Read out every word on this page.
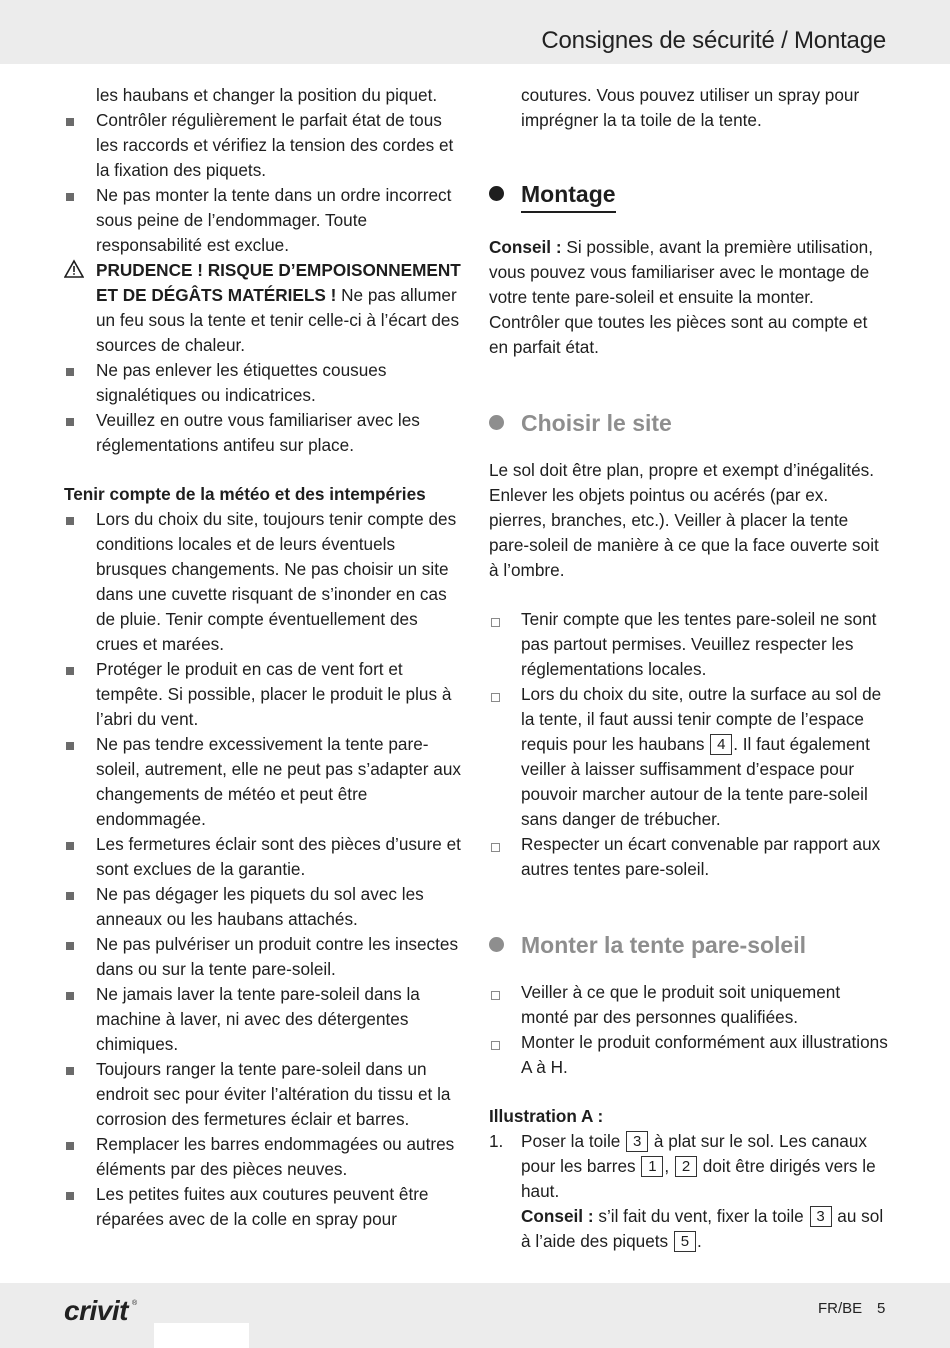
Consignes de sécurité / Montage
les haubans et changer la position du piquet.
Contrôler régulièrement le parfait état de tous les raccords et vérifiez la tension des cordes et la fixation des piquets.
Ne pas monter la tente dans un ordre incorrect sous peine de l’endommager. Toute responsabilité est exclue.
PRUDENCE ! RISQUE D’EMPOISONNEMENT ET DE DÉGÂTS MATÉRIELS ! Ne pas allumer un feu sous la tente et tenir celle-ci à l’écart des sources de chaleur.
Ne pas enlever les étiquettes cousues signalétiques ou indicatrices.
Veuillez en outre vous familiariser avec les réglementations antifeu sur place.
Tenir compte de la météo et des intempéries
Lors du choix du site, toujours tenir compte des conditions locales et de leurs éventuels brusques changements. Ne pas choisir un site dans une cuvette risquant de s’inonder en cas de pluie. Tenir compte éventuellement des crues et marées.
Protéger le produit en cas de vent fort et tempête. Si possible, placer le produit le plus à l’abri du vent.
Ne pas tendre excessivement la tente pare-soleil, autrement, elle ne peut pas s’adapter aux changements de météo et peut être endommagée.
Les fermetures éclair sont des pièces d’usure et sont exclues de la garantie.
Ne pas dégager les piquets du sol avec les anneaux ou les haubans attachés.
Ne pas pulvériser un produit contre les insectes dans ou sur la tente pare-soleil.
Ne jamais laver la tente pare-soleil dans la machine à laver, ni avec des détergentes chimiques.
Toujours ranger la tente pare-soleil dans un endroit sec pour éviter l’altération du tissu et la corrosion des fermetures éclair et barres.
Remplacer les barres endommagées ou autres éléments par des pièces neuves.
Les petites fuites aux coutures peuvent être réparées avec de la colle en spray pour
coutures. Vous pouvez utiliser un spray pour imprégner la ta toile de la tente.
Montage
Conseil : Si possible, avant la première utilisation, vous pouvez vous familiariser avec le montage de votre tente pare-soleil et ensuite la monter. Contrôler que toutes les pièces sont au compte et en parfait état.
Choisir le site
Le sol doit être plan, propre et exempt d’inégalités. Enlever les objets pointus ou acérés (par ex. pierres, branches, etc.). Veiller à placer la tente pare-soleil de manière à ce que la face ouverte soit à l’ombre.
Tenir compte que les tentes pare-soleil ne sont pas partout permises. Veuillez respecter les réglementations locales.
Lors du choix du site, outre la surface au sol de la tente, il faut aussi tenir compte de l’espace requis pour les haubans 4 . Il faut également veiller à laisser suffisamment d’espace pour pouvoir marcher autour de la tente pare-soleil sans danger de trébucher.
Respecter un écart convenable par rapport aux autres tentes pare-soleil.
Monter la tente pare-soleil
Veiller à ce que le produit soit uniquement monté par des personnes qualifiées.
Monter le produit conformément aux illustrations A à H.
Illustration A :
1. Poser la toile 3 à plat sur le sol. Les canaux pour les barres 1 , 2 doit être dirigés vers le haut.
Conseil : s’il fait du vent, fixer la toile 3 au sol à l’aide des piquets 5 .
crivit ®	FR/BE 5
